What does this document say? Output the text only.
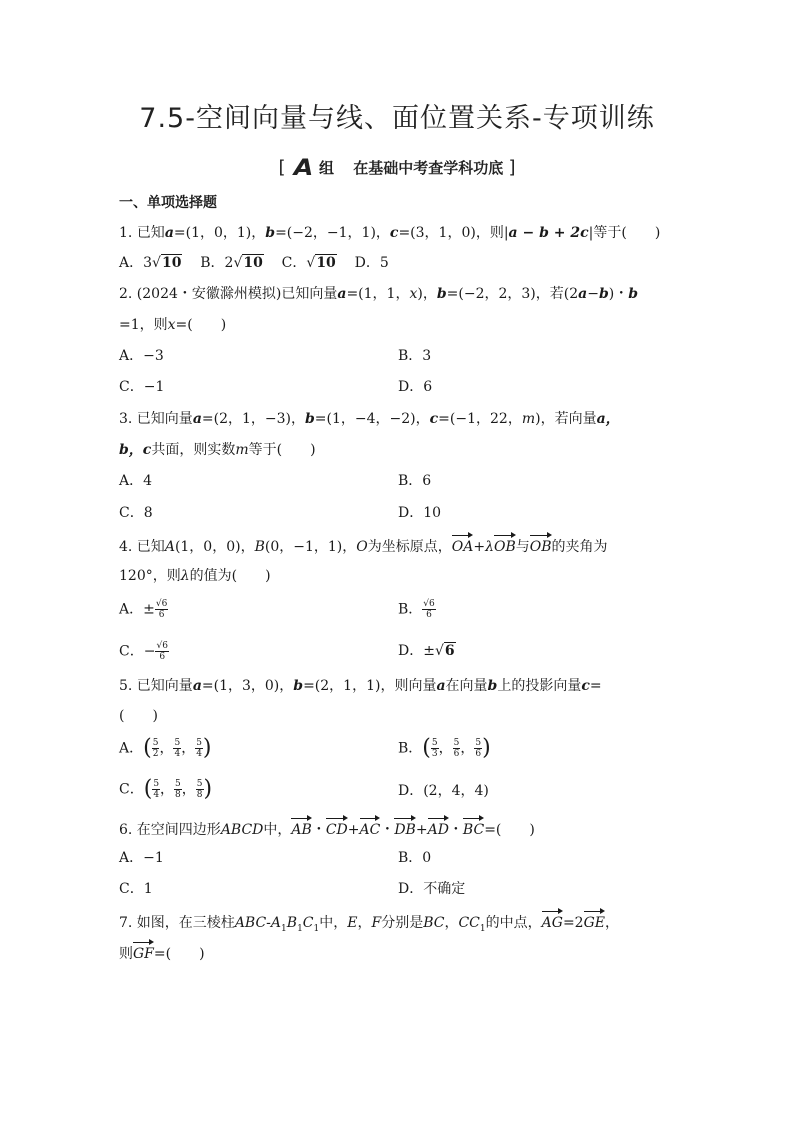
7.5-空间向量与线、面位置关系-专项训练
[ A 组 在基础中考查学科功底 ]
一、单项选择题
1. 已知a=(1，0，1)，b=(−2，−1，1)，c=(3，1，0)，则|a − b + 2c|等于(　　)
A．3√10 B．2√10 C．√10 D．5
2. (2024・安徽滁州模拟)已知向量a=(1，1，x)，b=(−2，2，3)，若(2a−b)・b
=1，则x=(　　)
A．−3	B．3
C．−1	D．6
3. 已知向量a=(2，1，−3)，b=(1，−4，−2)，c=(−1，22，m)，若向量a，
b，c共面，则实数m等于(　　)
A．4	B．6
C．8	D．10
4. 已知A(1，0，0)，B(0，−1，1)，O为坐标原点，OA+λOB与OB的夹角为
120°，则λ的值为(　　)
A．± $\frac{√6}{6}$	B． $\frac{√6}{6}$
C．− $\frac{√6}{6}$	D．±√6
5. 已知向量a=(1，3，0)，b=(2，1，1)，则向量a在向量b上的投影向量c=
(　　)
A．( $\frac{5}{2}$ ， $\frac{5}{4}$ ， $\frac{5}{4}$ )	B．( $\frac{5}{3}$ ， $\frac{5}{6}$ ， $\frac{5}{6}$ )
C．( $\frac{5}{4}$ ， $\frac{5}{8}$ ， $\frac{5}{8}$ )	D．(2，4，4)
6. 在空间四边形ABCD中，AB・CD+AC・DB+AD・BC=(　　)
A．−1	B．0
C．1	D．不确定
7. 如图，在三棱柱ABC-$A_1B_1C_1$中，E，F分别是BC，$CC_1$的中点，AG=2GE，
则GF=(　　)
